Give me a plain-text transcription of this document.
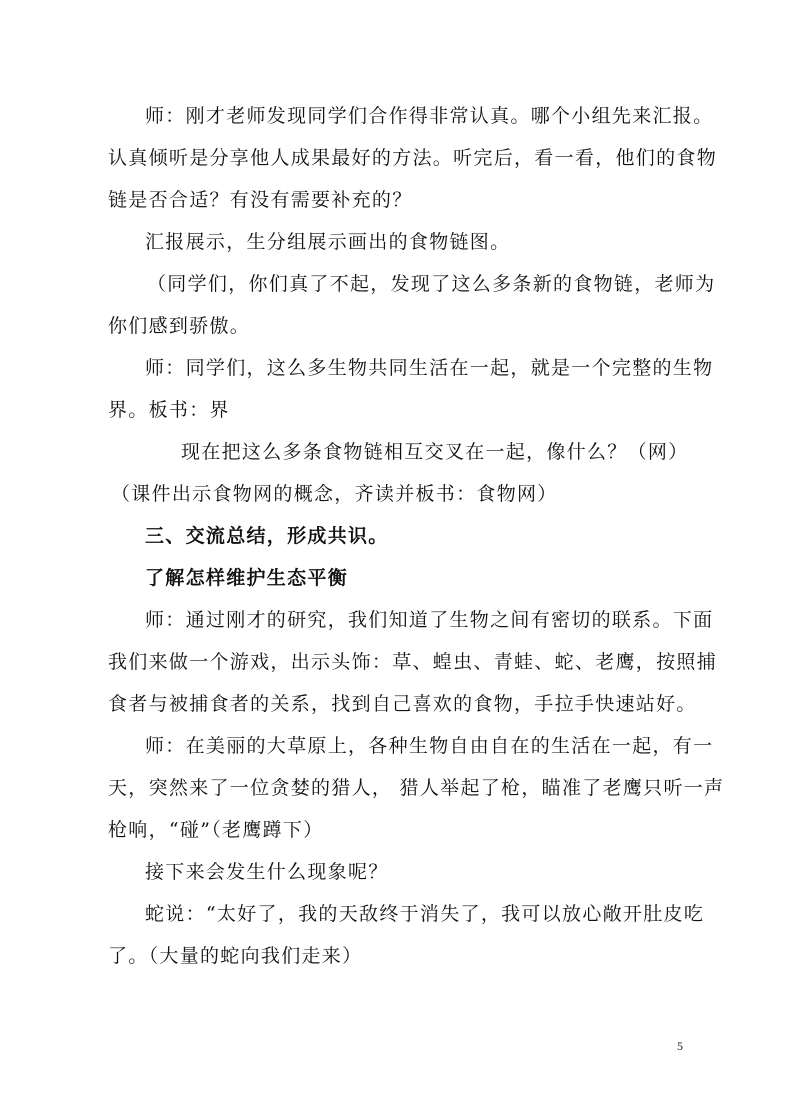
师：刚才老师发现同学们合作得非常认真。哪个小组先来汇报。
认真倾听是分享他人成果最好的方法。听完后，看一看，他们的食物
链是否合适？有没有需要补充的？
汇报展示，生分组展示画出的食物链图。
（同学们，你们真了不起，发现了这么多条新的食物链，老师为
你们感到骄傲。
师：同学们，这么多生物共同生活在一起，就是一个完整的生物
界。板书：界
现在把这么多条食物链相互交叉在一起，像什么？（网）
（课件出示食物网的概念，齐读并板书：食物网）
三、交流总结，形成共识。
了解怎样维护生态平衡
师：通过刚才的研究，我们知道了生物之间有密切的联系。下面
我们来做一个游戏，出示头饰：草、蝗虫、青蛙、蛇、老鹰，按照捕
食者与被捕食者的关系，找到自己喜欢的食物，手拉手快速站好。
师：在美丽的大草原上，各种生物自由自在的生活在一起，有一
天，突然来了一位贪婪的猎人， 猎人举起了枪，瞄准了老鹰只听一声
枪响，“碰”（老鹰蹲下）
接下来会发生什么现象呢？
蛇说：“太好了，我的天敌终于消失了，我可以放心敞开肚皮吃
了。（大量的蛇向我们走来）
5
